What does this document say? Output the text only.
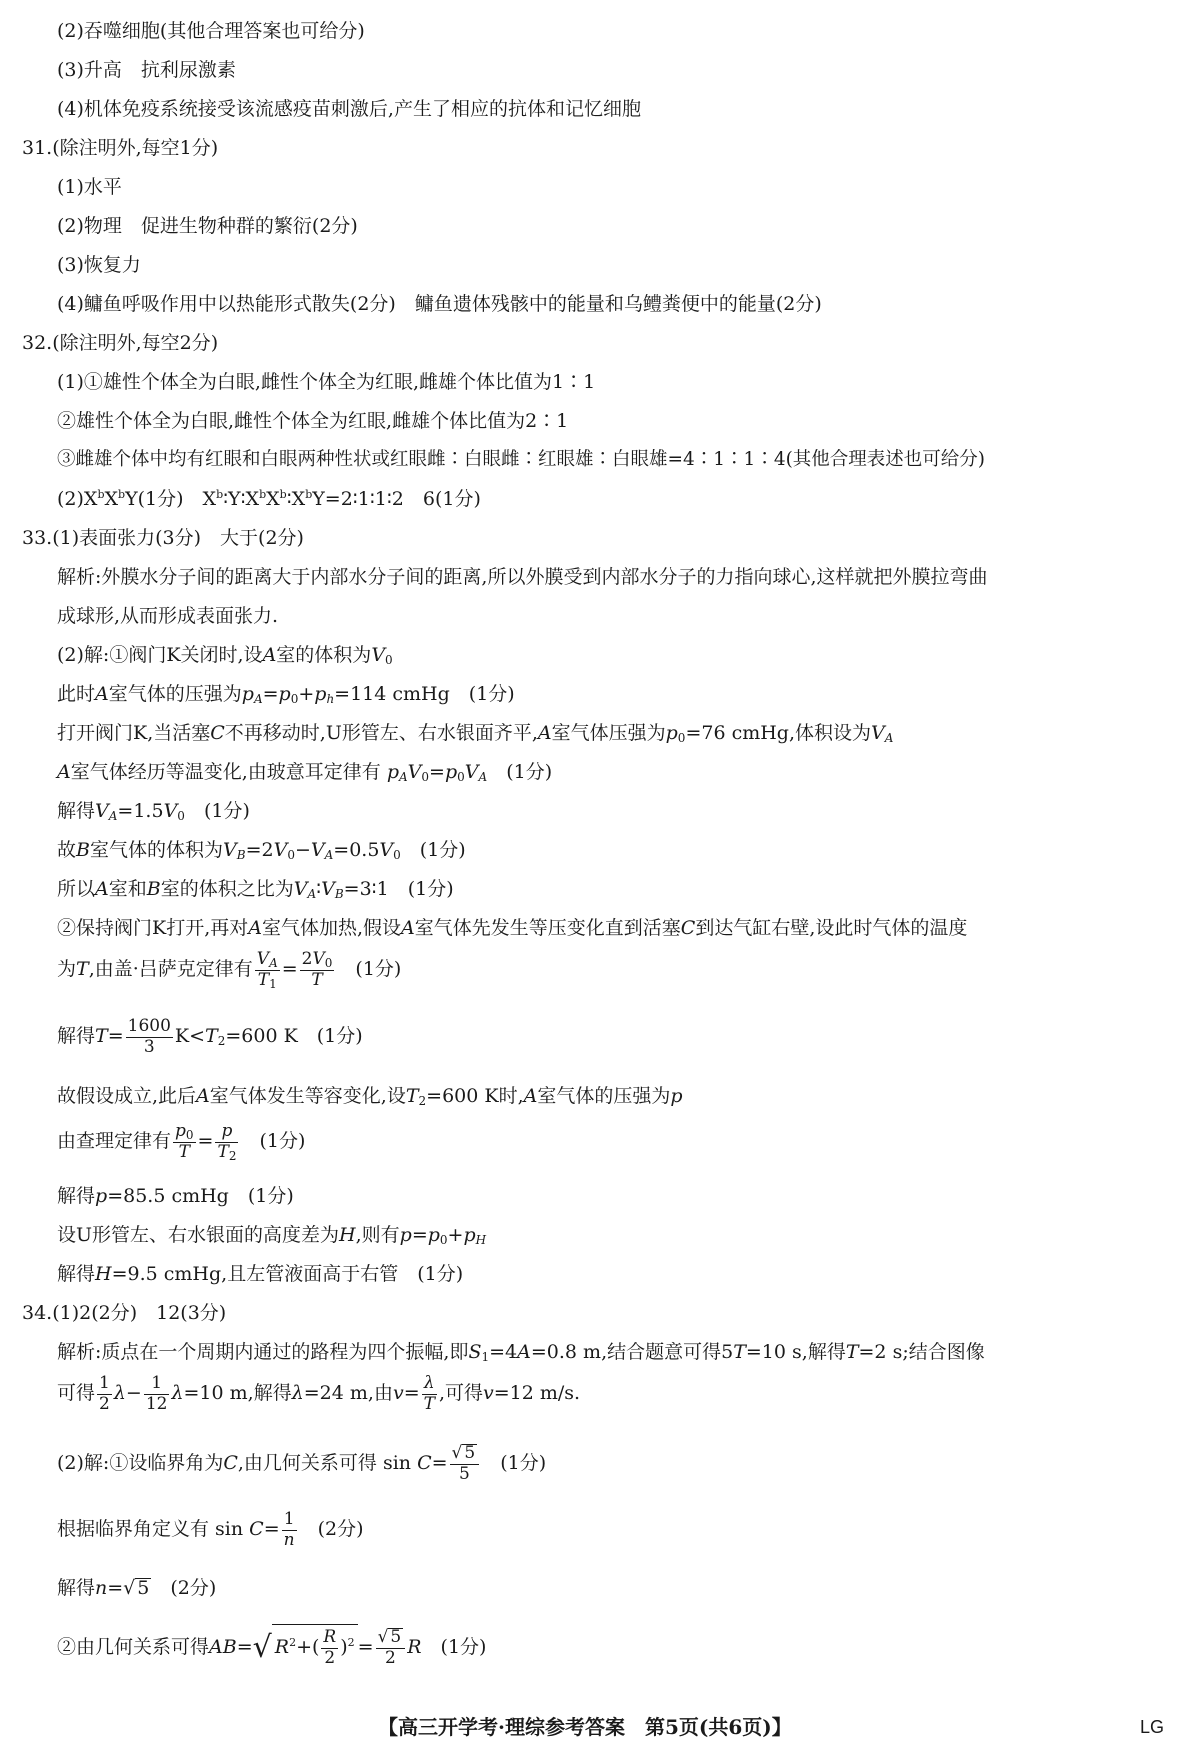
(2)吞噬细胞(其他合理答案也可给分)
(3)升高　抗利尿激素
(4)机体免疫系统接受该流感疫苗刺激后,产生了相应的抗体和记忆细胞
31.(除注明外,每空1分)
(1)水平
(2)物理　促进生物种群的繁衍(2分)
(3)恢复力
(4)鳙鱼呼吸作用中以热能形式散失(2分)　鳙鱼遗体残骸中的能量和乌鳢粪便中的能量(2分)
32.(除注明外,每空2分)
(1)①雄性个体全为白眼,雌性个体全为红眼,雌雄个体比值为1∶1
②雄性个体全为白眼,雌性个体全为红眼,雌雄个体比值为2∶1
③雌雄个体中均有红眼和白眼两种性状或红眼雌∶白眼雌∶红眼雄∶白眼雄=4∶1∶1∶4(其他合理表述也可给分)
$(2)X^bX^bY(1$分)　$X^b∶Y∶X^bX^b∶X^bY=2∶1∶1∶2$　6(1分)
33.(1)表面张力(3分)　大于(2分)
解析:外膜水分子间的距离大于内部水分子间的距离,所以外膜受到内部水分子的力指向球心,这样就把外膜拉弯曲
成球形,从而形成表面张力.
(2)解:①阀门K关闭时,设A室的体积为$V_0$
此时A室气体的压强为$p_A=p_0+p_h=114$ cmHg　(1分)
打开阀门K,当活塞C不再移动时,U形管左、右水银面齐平,A室气体压强为$p_0=76$ cmHg,体积设为$V_A$
A室气体经历等温变化,由玻意耳定律有 $p_AV_0=p_0V_A$　(1分)
解得$V_A=1.5V_0$　(1分)
故B室气体的体积为$V_B=2V_0-V_A=0.5V_0$　(1分)
所以A室和B室的体积之比为$V_A∶V_B=3∶1$　(1分)
②保持阀门K打开,再对A室气体加热,假设A室气体先发生等压变化直到活塞C到达气缸右壁,设此时气体的温度
为T,由盖·吕萨克定律有 $\frac{V_A}{T_1} = \frac{2V_0}{T}$ 　(1分)
解得$T= \frac{1600}{3} K<T_2=600$ K　(1分)
故假设成立,此后A室气体发生等容变化,设$T_2=600$ K时,A室气体的压强为p
由查理定律有 $\frac{p_0}{T} = \frac{p}{T_2}$ 　(1分)
解得p=85.5 cmHg　(1分)
设U形管左、右水银面的高度差为H,则有$p=p_0+p_H$
解得H=9.5 cmHg,且左管液面高于右管　(1分)
34.(1)2(2分)　12(3分)
解析:质点在一个周期内通过的路程为四个振幅,即$S_1=4A=0.8$ m,结合题意可得5T=10 s,解得T=2 s;结合图像
可得 $\frac{1}{2} \lambda- \frac{1}{12} \lambda=10$ m,解得λ=24 m,由$v= \frac{\lambda}{T}$ ,可得v=12 m/s.
(2)解:①设临界角为C,由几何关系可得 $\sin C= \frac{√ 5}{5}$ 　(1分)
根据临界角定义有 $\sin C= \frac{1}{n}$ 　(2分)
解得n=√ 5　(2分)
②由几何关系可得AB=√ $R^2+( \frac{R}{2} )^2 = \frac{√ 5}{2}$ R　(1分)
【高三开学考·理综参考答案　第5页(共6页)】	LG
